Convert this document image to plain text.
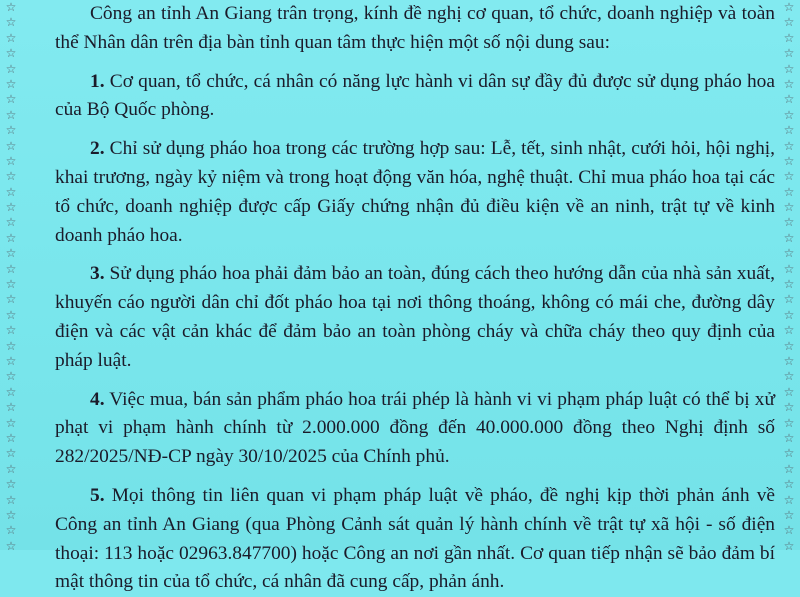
☆
☆
☆
☆
☆
☆
☆
☆
☆
☆
☆
☆
☆
☆
☆
☆
☆
☆
☆
☆
☆
☆
☆
☆
☆
☆
☆
☆
☆
☆
☆
☆
☆
☆
☆
☆
☆
☆
☆
☆
☆
☆
☆
☆
☆
☆
☆
☆
☆
☆
☆
☆
☆
☆
☆
☆
☆
☆
☆
☆
☆
☆
☆
☆
☆
☆
☆
☆
☆
☆
☆
☆

Công an tỉnh An Giang trân trọng, kính đề nghị cơ quan, tổ chức, doanh nghiệp và toàn thể Nhân dân trên địa bàn tỉnh quan tâm thực hiện một số nội dung sau:

1. Cơ quan, tổ chức, cá nhân có năng lực hành vi dân sự đầy đủ được sử dụng pháo hoa của Bộ Quốc phòng.

2. Chỉ sử dụng pháo hoa trong các trường hợp sau: Lễ, tết, sinh nhật, cưới hỏi, hội nghị, khai trương, ngày kỷ niệm và trong hoạt động văn hóa, nghệ thuật. Chỉ mua pháo hoa tại các tổ chức, doanh nghiệp được cấp Giấy chứng nhận đủ điều kiện về an ninh, trật tự về kinh doanh pháo hoa.

3. Sử dụng pháo hoa phải đảm bảo an toàn, đúng cách theo hướng dẫn của nhà sản xuất, khuyến cáo người dân chỉ đốt pháo hoa tại nơi thông thoáng, không có mái che, đường dây điện và các vật cản khác để đảm bảo an toàn phòng cháy và chữa cháy theo quy định của pháp luật.

4. Việc mua, bán sản phẩm pháo hoa trái phép là hành vi vi phạm pháp luật có thể bị xử phạt vi phạm hành chính từ 2.000.000 đồng đến 40.000.000 đồng theo Nghị định số 282/2025/NĐ-CP ngày 30/10/2025 của Chính phủ.

5. Mọi thông tin liên quan vi phạm pháp luật về pháo, đề nghị kịp thời phản ánh về Công an tỉnh An Giang (qua Phòng Cảnh sát quản lý hành chính về trật tự xã hội - số điện thoại: 113 hoặc 02963.847700) hoặc Công an nơi gần nhất. Cơ quan tiếp nhận sẽ bảo đảm bí mật thông tin của tổ chức, cá nhân đã cung cấp, phản ánh.
